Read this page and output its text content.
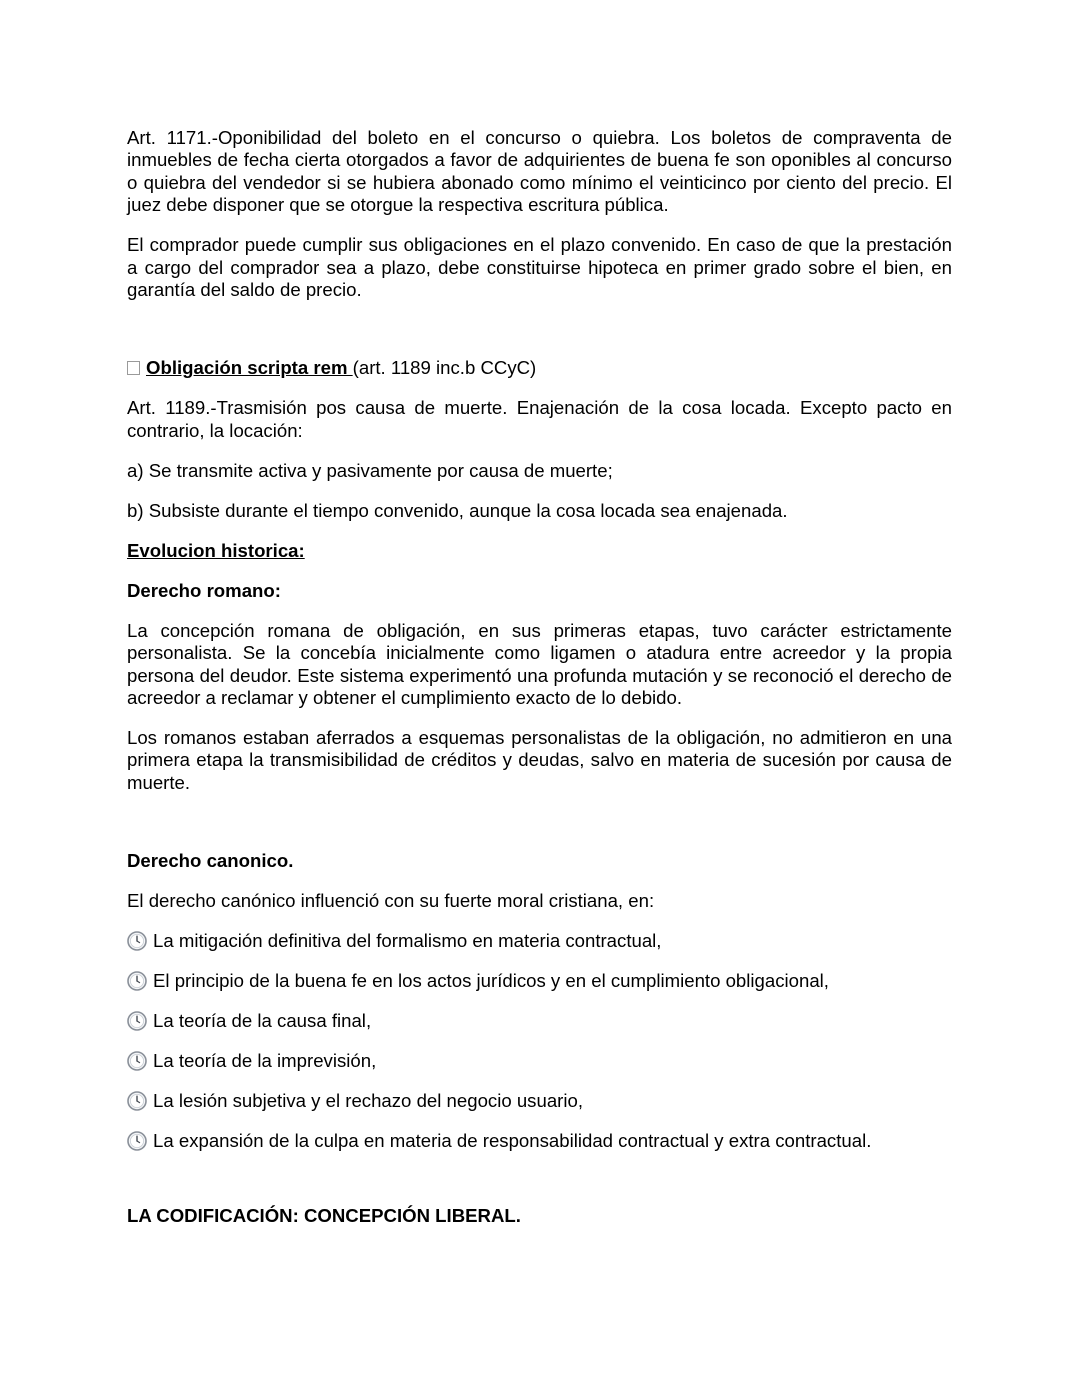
Art. 1171.-Oponibilidad del boleto en el concurso o quiebra. Los boletos de compraventa de inmuebles de fecha cierta otorgados a favor de adquirientes de buena fe son oponibles al concurso o quiebra del vendedor si se hubiera abonado como mínimo el veinticinco por ciento del precio. El juez debe disponer que se otorgue la respectiva escritura pública.

El comprador puede cumplir sus obligaciones en el plazo convenido. En caso de que la prestación a cargo del comprador sea a plazo, debe constituirse hipoteca en primer grado sobre el bien, en garantía del saldo de precio.

Obligación scripta rem (art. 1189 inc.b CCyC)

Art. 1189.-Trasmisión pos causa de muerte. Enajenación de la cosa locada. Excepto pacto en contrario, la locación:

a) Se transmite activa y pasivamente por causa de muerte;

b) Subsiste durante el tiempo convenido, aunque la cosa locada sea enajenada.

Evolucion historica:

Derecho romano:

La concepción romana de obligación, en sus primeras etapas, tuvo carácter estrictamente personalista. Se la concebía inicialmente como ligamen o atadura entre acreedor y la propia persona del deudor. Este sistema experimentó una profunda mutación y se reconoció el derecho de acreedor a reclamar y obtener el cumplimiento exacto de lo debido.

Los romanos estaban aferrados a esquemas personalistas de la obligación, no admitieron en una primera etapa la transmisibilidad de créditos y deudas, salvo en materia de sucesión por causa de muerte.

Derecho canonico.

El derecho canónico influenció con su fuerte moral cristiana, en:

La mitigación definitiva del formalismo en materia contractual,
El principio de la buena fe en los actos jurídicos y en el cumplimiento obligacional,
La teoría de la causa final,
La teoría de la imprevisión,
La lesión subjetiva y el rechazo del negocio usuario,
La expansión de la culpa en materia de responsabilidad contractual y extra contractual.

LA CODIFICACIÓN: CONCEPCIÓN LIBERAL.
